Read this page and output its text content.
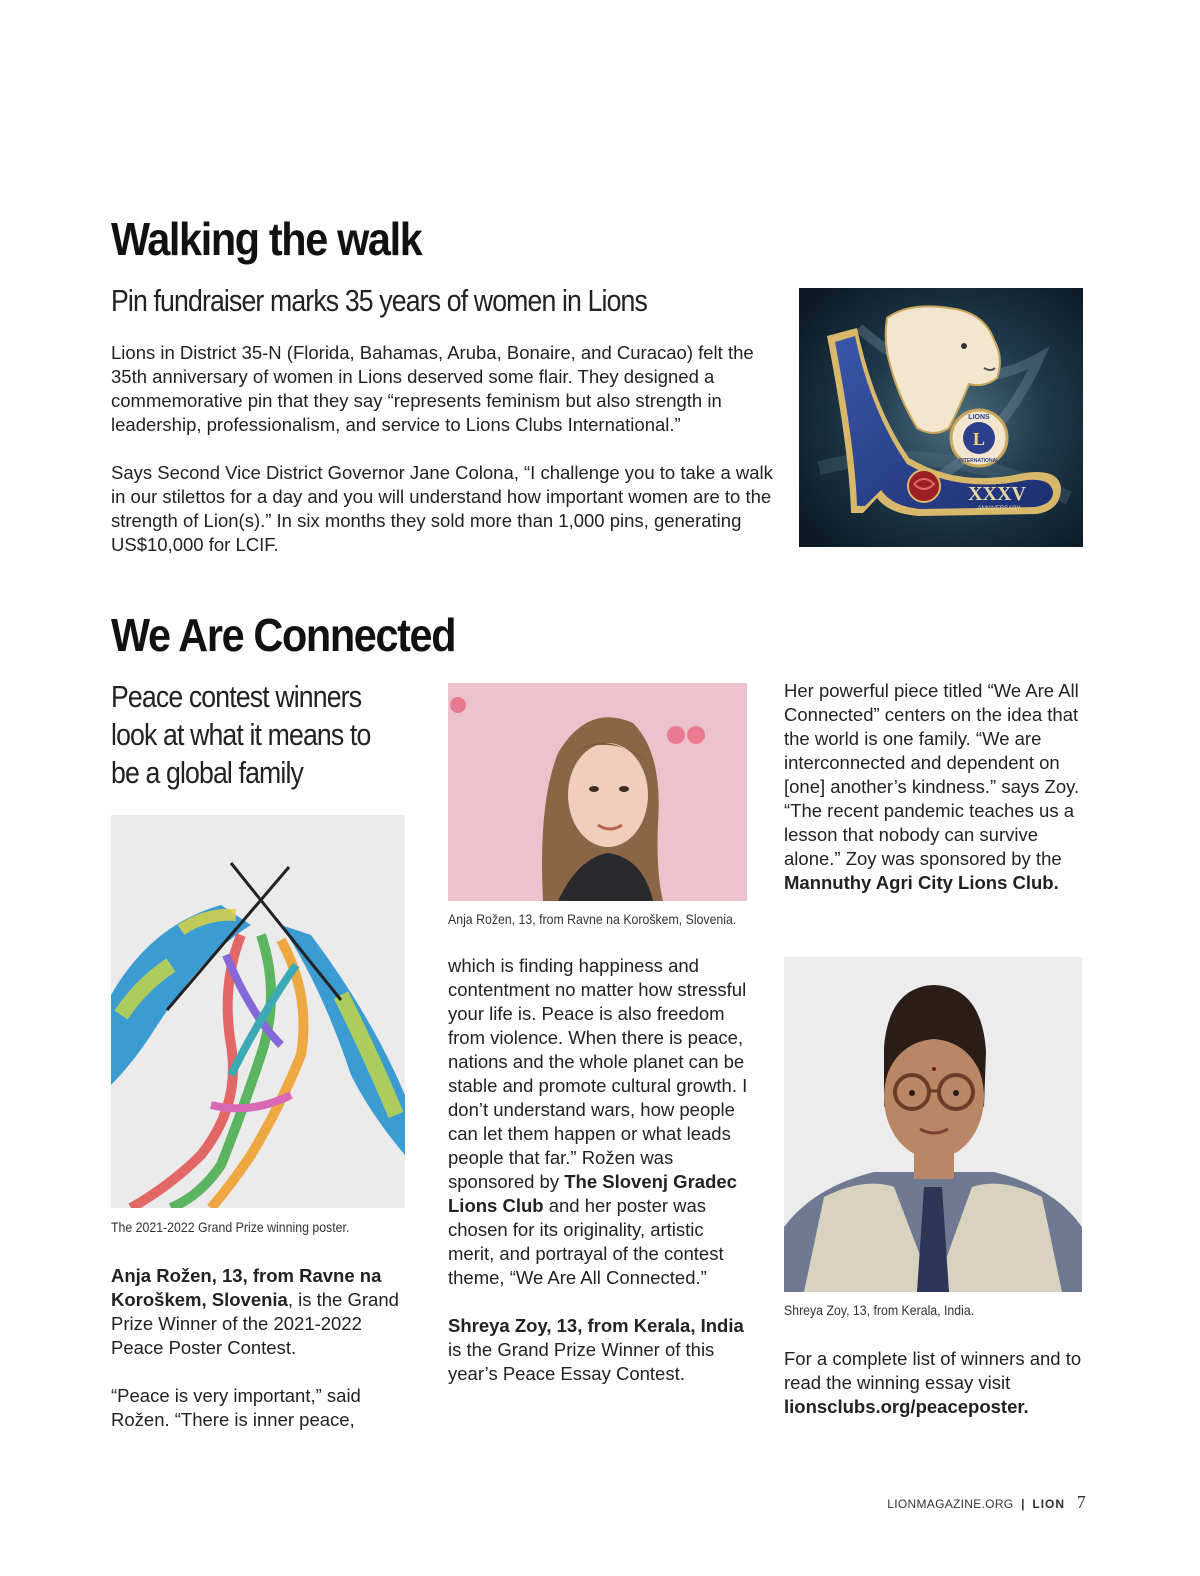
Walking the walk
Pin fundraiser marks 35 years of women in Lions

Lions in District 35-N (Florida, Bahamas, Aruba, Bonaire, and Curacao) felt the 35th anniversary of women in Lions deserved some flair. They designed a commemorative pin that they say “represents feminism but also strength in leadership, professionalism, and service to Lions Clubs International.”

Says Second Vice District Governor Jane Colona, “I challenge you to take a walk in our stilettos for a day and you will understand how important women are to the strength of Lion(s).” In six months they sold more than 1,000 pins, generating US$10,000 for LCIF.

L
LIONS
INTERNATIONAL
XXXV
ANNIVERSARY
We Are Connected
Peace contest winners look at what it means to be a global family
The 2021-2022 Grand Prize winning poster.

Anja Rožen, 13, from Ravne na Koroškem, Slovenia, is the Grand Prize Winner of the 2021-2022 Peace Poster Contest.

“Peace is very important,” said Rožen. “There is inner peace,

Anja Rožen, 13, from Ravne na Koroškem, Slovenia.

which is finding happiness and contentment no matter how stressful your life is. Peace is also freedom from violence. When there is peace, nations and the whole planet can be stable and promote cultural growth. I don’t understand wars, how people can let them happen or what leads people that far.” Rožen was sponsored by The Slovenj Gradec Lions Club and her poster was chosen for its originality, artistic merit, and portrayal of the contest theme, “We Are All Connected.”

Shreya Zoy, 13, from Kerala, India is the Grand Prize Winner of this year’s Peace Essay Contest.

Her powerful piece titled “We Are All Connected” centers on the idea that the world is one family. “We are interconnected and dependent on [one] another’s kindness.” says Zoy. “The recent pandemic teaches us a lesson that nobody can survive alone.” Zoy was sponsored by the Mannuthy Agri City Lions Club.

Shreya Zoy, 13, from Kerala, India.

For a complete list of winners and to read the winning essay visit lionsclubs.org/peaceposter.

LIONMAGAZINE.ORG | LION 7
